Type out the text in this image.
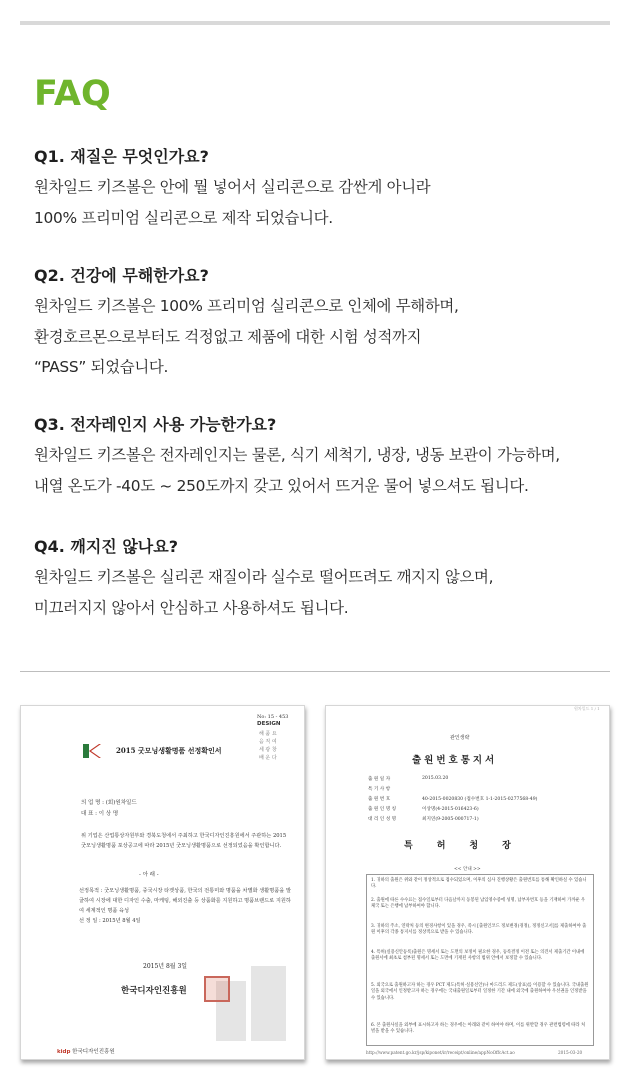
FAQ
Q1. 재질은 무엇인가요?
원차일드 키즈볼은 안에 뭘 넣어서 실리콘으로 감싼게 아니라
100% 프리미엄 실리콘으로 제작 되었습니다.
Q2. 건강에 무해한가요?
원차일드 키즈볼은 100% 프리미엄 실리콘으로 인체에 무해하며,
환경호르몬으로부터도 걱정없고 제품에 대한 시험 성적까지
“PASS” 되었습니다.
Q3. 전자레인지 사용 가능한가요?
원차일드 키즈볼은 전자레인지는 물론, 식기 세척기, 냉장, 냉동 보관이 가능하며,
내열 온도가 -40도 ~ 250도까지 갖고 있어서 뜨거운 물어 넣으셔도 됩니다.
Q4. 깨지진 않나요?
원차일드 키즈볼은 실리콘 재질이라 실수로 떨어뜨려도 깨지지 않으며,
미끄러지지 않아서 안심하고 사용하셔도 됩니다.
No: 15 - 453
DESIGN
해 품 요
음 직 여
세 광 창
배 운 다
2015 굿모닝생활명품 선정확인서
의 업 명 : (회)원차일드
대 표 : 이 상 명
위 기업은 산업통상자원부와 경북도청에서 주최하고 한국디자인진흥원에서 주관하는 2015 굿모닝생활명품 포상공고에 따라 2015년 굿모닝생활명품으로 선정되었음을 확인합니다.
- 아 래 -
선정목적 : 굿모닝생활명품, 중국시장 타겟상품, 한국의 전통미와 명품을 차별화 생활명품을 발굴하여 시장에 대한 디자인 수출, 마케팅, 해외진출 등 상품화를 지원하고 명품브랜드로 지원하여 세계적인 명품 육성
선 정 일 : 2015년 8월 4일
2015년 8월 3일
한국디자인진흥원
kidp 한국디자인진흥원
원차일드 1 / 1
관인생략
출원번호통지서
출 원 일 자	2015.03.20
특 기 사 항
출 원 번 호	40-2015-0020830 (접수번호 1-1-2015-0277568-49)
출 원 인 명 칭	이상명(4-2015-016423-6)
대 리 인 성 명	최지연(9-2005-000717-1)
특허청장
<< 안내 >>
1. 귀하의 출원은 위와 같이 정상적으로 접수되었으며, 이후의 심사 진행상황은 출원번호를 통해 확인하실 수 있습니다.
2. 출원에 따른 수수료는 접수일로부터 다음날까지 동봉된 납입영수증에 성명, 납부자번호 등을 기재하여 가까운 우체국 또는 은행에 납부하여야 합니다.
3. 귀하의 주소, 연락처 등의 변경사항이 있을 경우, 즉시 [출원인코드 정보변경(경정), 정정신고서]를 제출하여야 출원 이후의 각종 통지서를 정상적으로 받을 수 있습니다.
4. 특허(실용신안등록)출원은 명세서 또는 도면의 보정이 필요한 경우, 등록결정 이전 또는 의견서 제출기간 이내에 출원서에 최초로 첨부된 명세서 또는 도면에 기재된 사항의 범위 안에서 보정할 수 있습니다.
5. 외국으로 출원하고자 하는 경우 PCT 제도(특허·실용신안)나 마드리드 제도(상표)를 이용할 수 있습니다. 국내출원일을 외국에서 인정받고자 하는 경우에는 국내출원일로부터 일정한 기간 내에 외국에 출원하여야 우선권을 인정받을 수 있습니다.
6. 본 출원사실을 외부에 표시하고자 하는 경우에는 아래와 같이 하여야 하며, 이를 위반할 경우 관련법령에 따라 처벌을 받을 수 있습니다.
http://www.patent.go.kr/jsp/kiponet/ir/receipt/online/appNoOffcAct.ao	2015-03-20
